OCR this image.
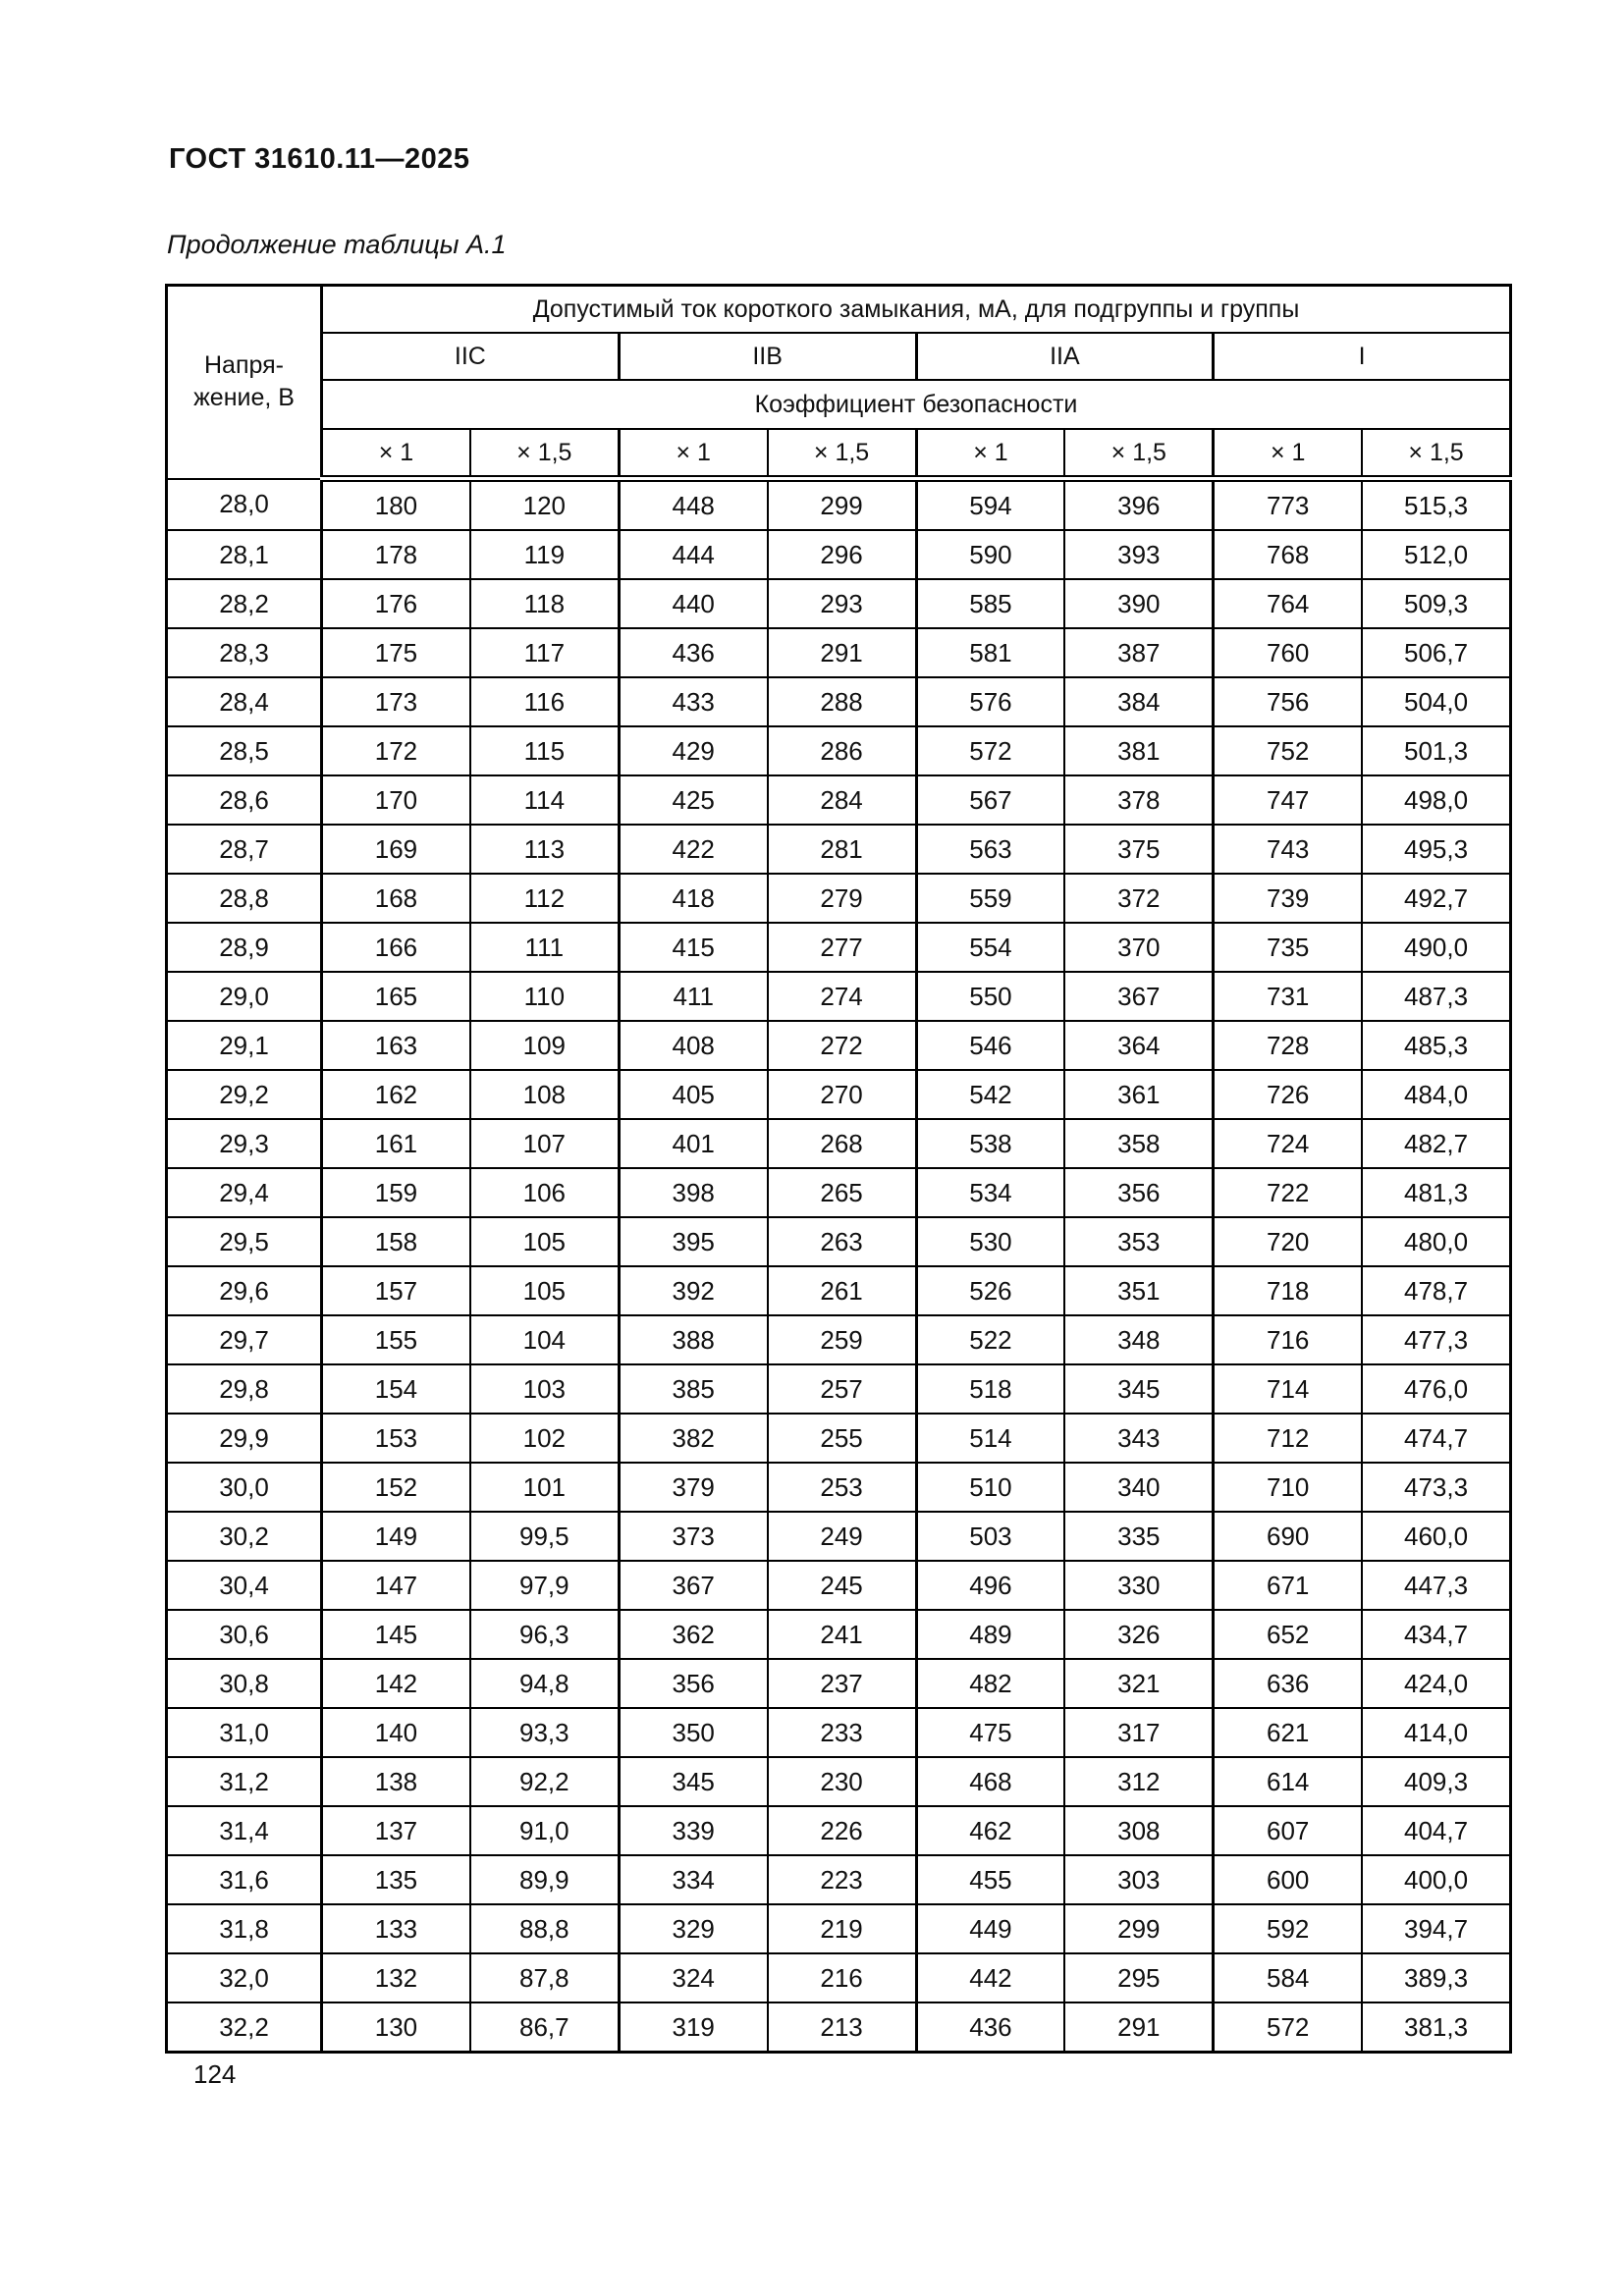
ГОСТ 31610.11—2025

Продолжение таблицы А.1

Напря-
жение, В	Допустимый ток короткого замыкания, мА, для подгруппы и группы							
	IIC		IIB		IIA		I	
	Коэффициент безопасности							
	× 1	× 1,5	× 1	× 1,5	× 1	× 1,5	× 1	× 1,5
28,0	180	120	448	299	594	396	773	515,3
28,1	178	119	444	296	590	393	768	512,0
28,2	176	118	440	293	585	390	764	509,3
28,3	175	117	436	291	581	387	760	506,7
28,4	173	116	433	288	576	384	756	504,0
28,5	172	115	429	286	572	381	752	501,3
28,6	170	114	425	284	567	378	747	498,0
28,7	169	113	422	281	563	375	743	495,3
28,8	168	112	418	279	559	372	739	492,7
28,9	166	111	415	277	554	370	735	490,0
29,0	165	110	411	274	550	367	731	487,3
29,1	163	109	408	272	546	364	728	485,3
29,2	162	108	405	270	542	361	726	484,0
29,3	161	107	401	268	538	358	724	482,7
29,4	159	106	398	265	534	356	722	481,3
29,5	158	105	395	263	530	353	720	480,0
29,6	157	105	392	261	526	351	718	478,7
29,7	155	104	388	259	522	348	716	477,3
29,8	154	103	385	257	518	345	714	476,0
29,9	153	102	382	255	514	343	712	474,7
30,0	152	101	379	253	510	340	710	473,3
30,2	149	99,5	373	249	503	335	690	460,0
30,4	147	97,9	367	245	496	330	671	447,3
30,6	145	96,3	362	241	489	326	652	434,7
30,8	142	94,8	356	237	482	321	636	424,0
31,0	140	93,3	350	233	475	317	621	414,0
31,2	138	92,2	345	230	468	312	614	409,3
31,4	137	91,0	339	226	462	308	607	404,7
31,6	135	89,9	334	223	455	303	600	400,0
31,8	133	88,8	329	219	449	299	592	394,7
32,0	132	87,8	324	216	442	295	584	389,3
32,2	130	86,7	319	213	436	291	572	381,3
124
